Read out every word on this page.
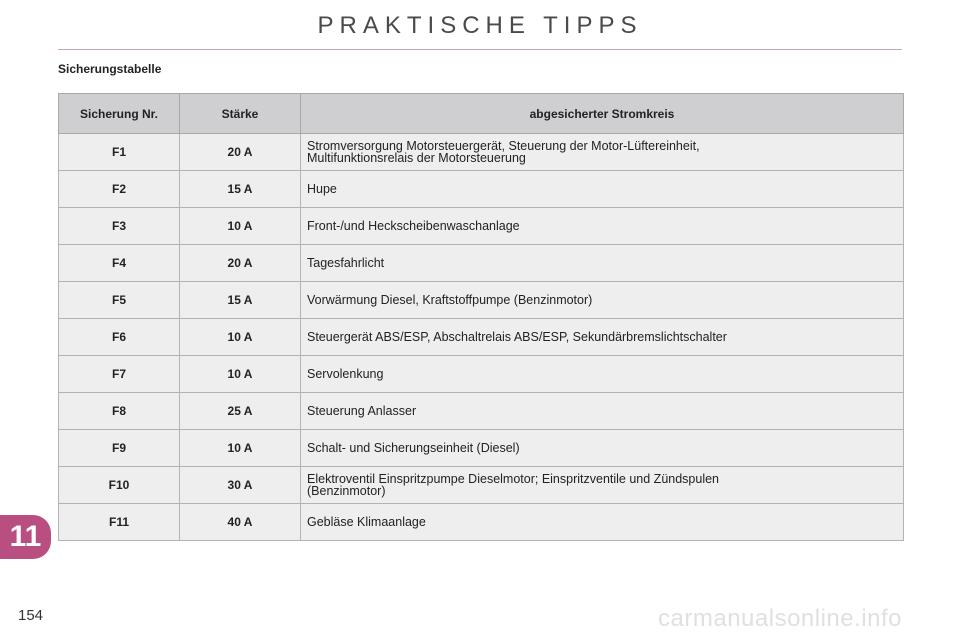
PRAKTISCHE TIPPS
Sicherungstabelle
Sicherung Nr.	Stärke	abgesicherter Stromkreis
F1	20 A	Stromversorgung Motorsteuergerät, Steuerung der Motor-Lüftereinheit,
Multifunktionsrelais der Motorsteuerung

F2	15 A	Hupe

F3	10 A	Front-/und Heckscheibenwaschanlage

F4	20 A	Tagesfahrlicht

F5	15 A	Vorwärmung Diesel, Kraftstoffpumpe (Benzinmotor)

F6	10 A	Steuergerät ABS/ESP, Abschaltrelais ABS/ESP, Sekundärbremslichtschalter

F7	10 A	Servolenkung

F8	25 A	Steuerung Anlasser

F9	10 A	Schalt- und Sicherungseinheit (Diesel)

F10	30 A	Elektroventil Einspritzpumpe Dieselmotor; Einspritzventile und Zündspulen
(Benzinmotor)

F11	40 A	Gebläse Klimaanlage
11
154	carmanualsonline.info
